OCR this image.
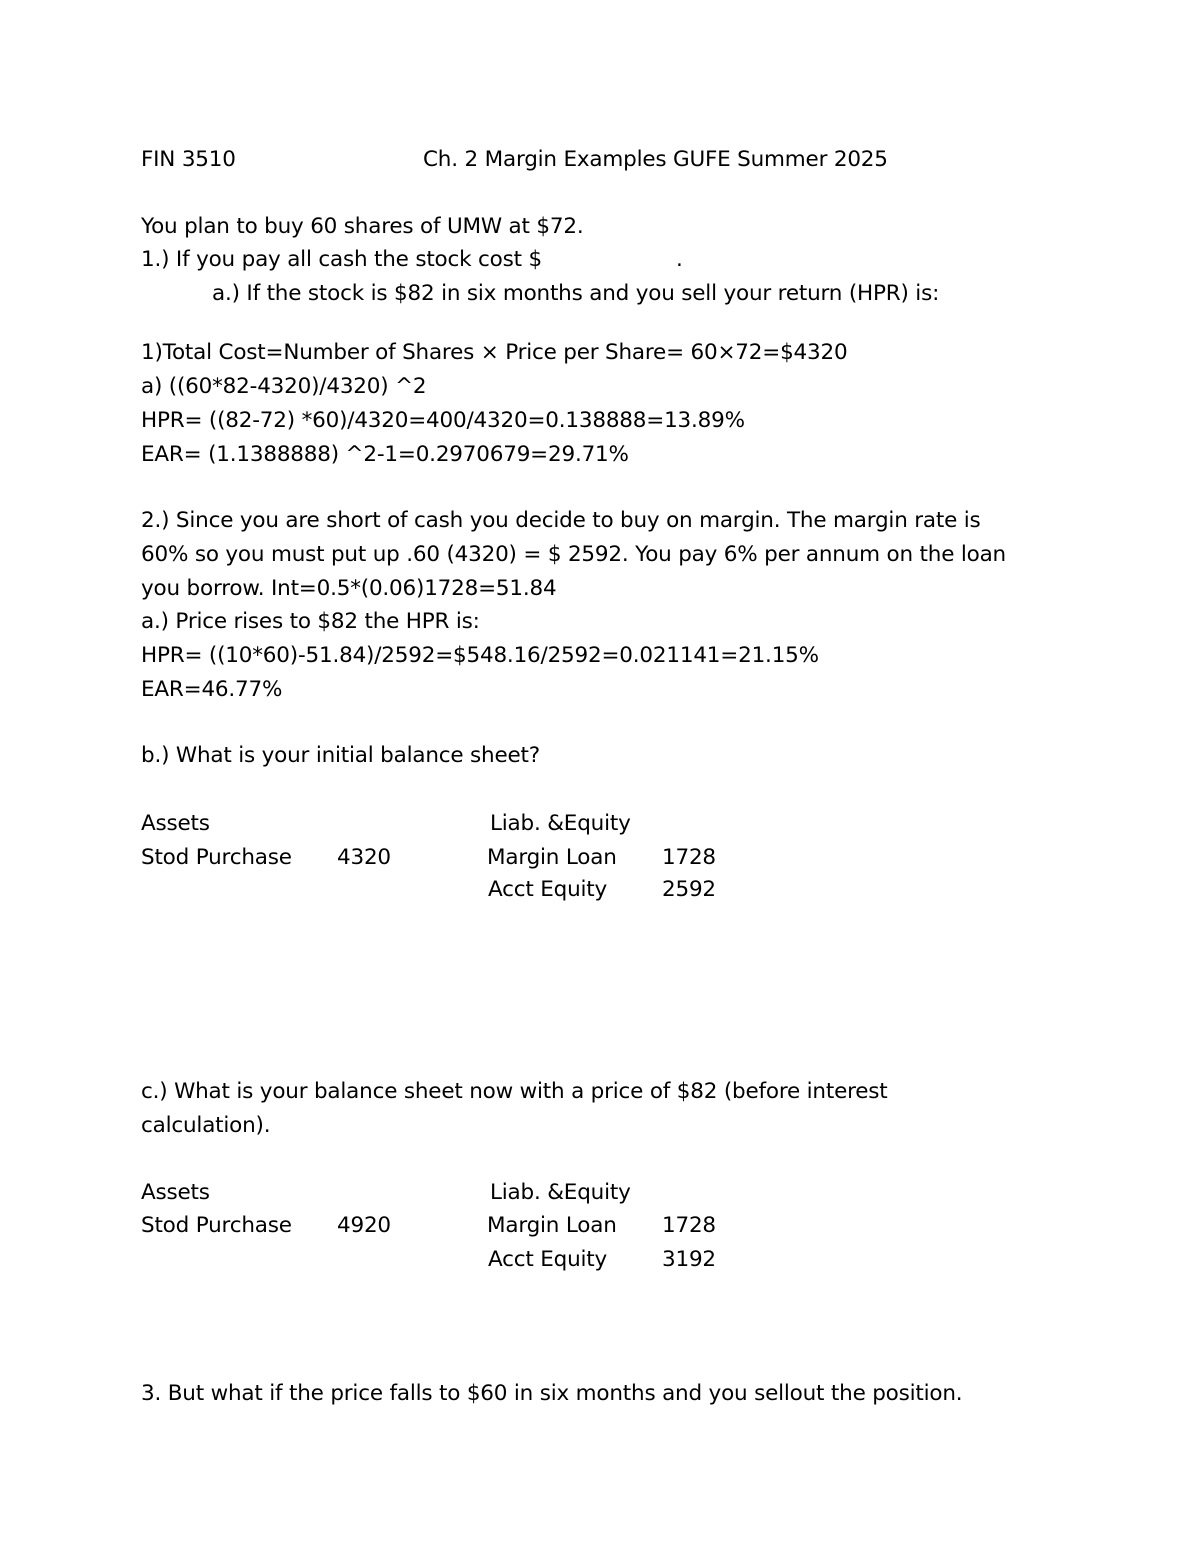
FIN 3510	Ch. 2 Margin Examples GUFE Summer 2025
You plan to buy 60 shares of UMW at $72.
1.) If you pay all cash the stock cost $	.
a.) If the stock is $82 in six months and you sell your return (HPR) is:
1)Total Cost=Number of Shares × Price per Share= 60×72=$4320
a) ((60*82-4320)/4320) ^2
HPR= ((82-72) *60)/4320=400/4320=0.138888=13.89%
EAR= (1.1388888) ^2-1=0.2970679=29.71%
2.) Since you are short of cash you decide to buy on margin. The margin rate is
60% so you must put up .60 (4320) = $ 2592. You pay 6% per annum on the loan
you borrow. Int=0.5*(0.06)1728=51.84
a.) Price rises to $82 the HPR is:
HPR= ((10*60)-51.84)/2592=$548.16/2592=0.021141=21.15%
EAR=46.77%
b.) What is your initial balance sheet?
Assets	Liab. &Equity
Stod Purchase 4320	Margin Loan 1728
Acct Equity	2592
c.) What is your balance sheet now with a price of $82 (before interest
calculation).
Assets	Liab. &Equity
Stod Purchase 4920	Margin Loan 1728
Acct Equity	3192
3. But what if the price falls to $60 in six months and you sellout the position.
